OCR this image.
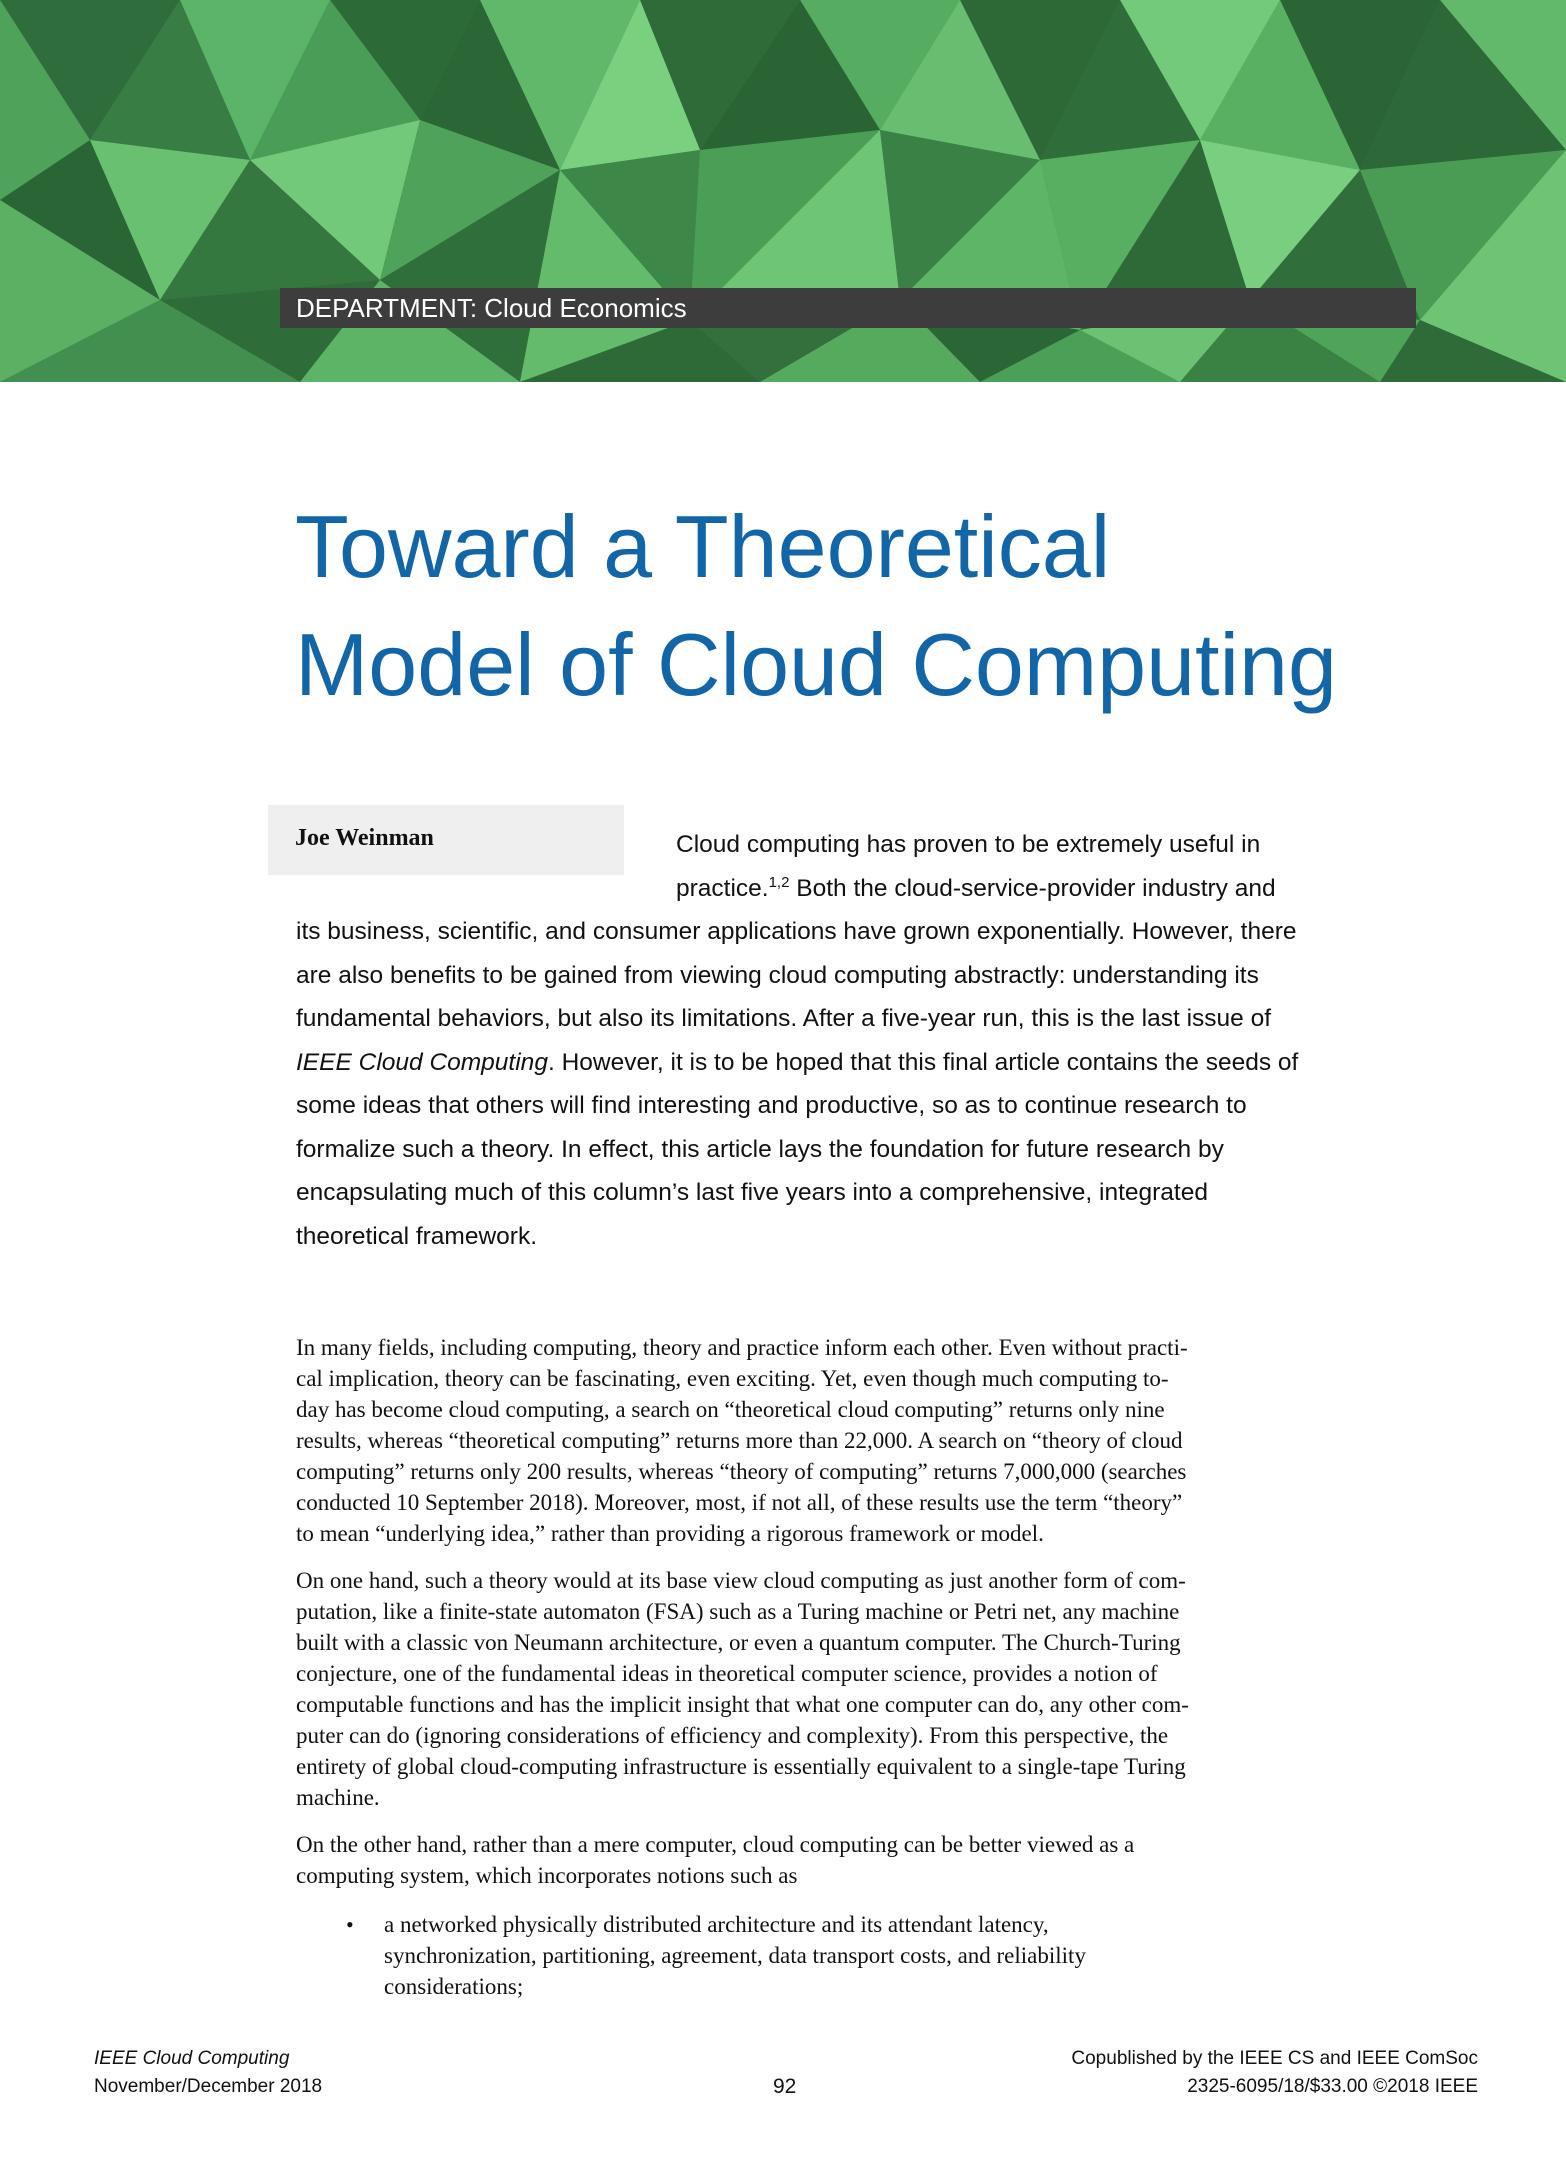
DEPARTMENT: Cloud Economics
Toward a Theoretical
Model of Cloud Computing
Joe Weinman	Cloud computing has proven to be extremely useful in practice.$^{1,2}$ Both the cloud-service-provider industry and its business, scientific, and consumer applications have grown exponentially. However, there are also benefits to be gained from viewing cloud computing abstractly: understanding its fundamental behaviors, but also its limitations. After a five-year run, this is the last issue of IEEE Cloud Computing. However, it is to be hoped that this final article contains the seeds of some ideas that others will find interesting and productive, so as to continue research to formalize such a theory. In effect, this article lays the foundation for future research by encapsulating much of this column’s last five years into a comprehensive, integrated theoretical framework.

In many fields, including computing, theory and practice inform each other. Even without practi-
cal implication, theory can be fascinating, even exciting. Yet, even though much computing to-
day has become cloud computing, a search on “theoretical cloud computing” returns only nine
results, whereas “theoretical computing” returns more than 22,000. A search on “theory of cloud
computing” returns only 200 results, whereas “theory of computing” returns 7,000,000 (searches
conducted 10 September 2018). Moreover, most, if not all, of these results use the term “theory”
to mean “underlying idea,” rather than providing a rigorous framework or model.

On one hand, such a theory would at its base view cloud computing as just another form of com-
putation, like a finite-state automaton (FSA) such as a Turing machine or Petri net, any machine
built with a classic von Neumann architecture, or even a quantum computer. The Church-Turing
conjecture, one of the fundamental ideas in theoretical computer science, provides a notion of
computable functions and has the implicit insight that what one computer can do, any other com-
puter can do (ignoring considerations of efficiency and complexity). From this perspective, the
entirety of global cloud-computing infrastructure is essentially equivalent to a single-tape Turing
machine.

On the other hand, rather than a mere computer, cloud computing can be better viewed as a
computing system, which incorporates notions such as

• a networked physically distributed architecture and its attendant latency,
synchronization, partitioning, agreement, data transport costs, and reliability
considerations;
IEEE Cloud Computing
November/December 2018	92
Copublished by the IEEE CS and IEEE ComSoc
2325-6095/18/$33.00 ©2018 IEEE
